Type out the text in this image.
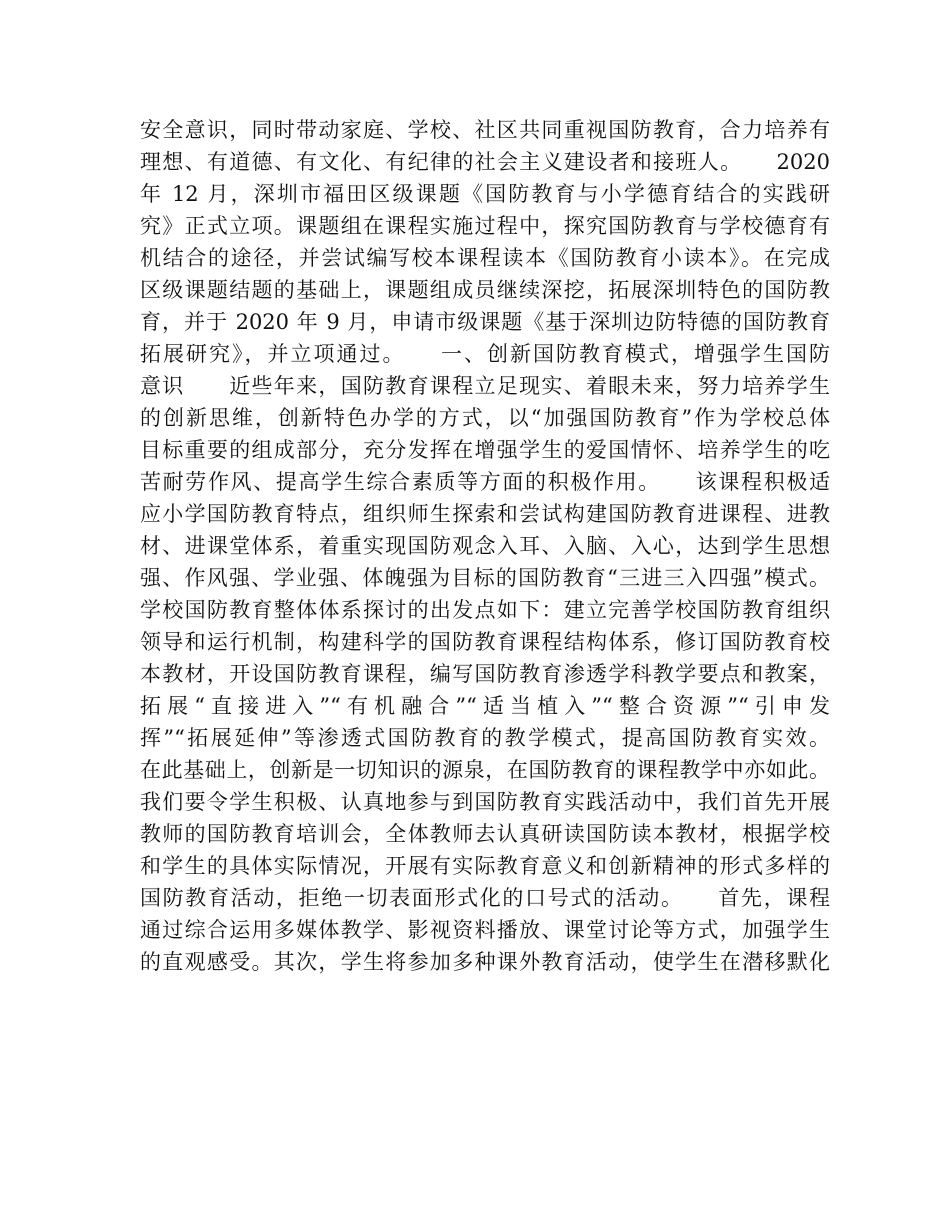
安全意识，同时带动家庭、学校、社区共同重视国防教育，合力培养有
理想、有道德、有文化、有纪律的社会主义建设者和接班人。　　2020
年 12 月，深圳市福田区级课题《国防教育与小学德育结合的实践研
究》正式立项。课题组在课程实施过程中，探究国防教育与学校德育有
机结合的途径，并尝试编写校本课程读本《国防教育小读本》。在完成
区级课题结题的基础上，课题组成员继续深挖，拓展深圳特色的国防教
育，并于 2020 年 9 月，申请市级课题《基于深圳边防特德的国防教育
拓展研究》，并立项通过。　　一、创新国防教育模式，增强学生国防
意识　　近些年来，国防教育课程立足现实、着眼未来，努力培养学生
的创新思维，创新特色办学的方式，以“加强国防教育”作为学校总体
目标重要的组成部分，充分发挥在增强学生的爱国情怀、培养学生的吃
苦耐劳作风、提高学生综合素质等方面的积极作用。　　该课程积极适
应小学国防教育特点，组织师生探索和尝试构建国防教育进课程、进教
材、进课堂体系，着重实现国防观念入耳、入脑、入心，达到学生思想
强、作风强、学业强、体魄强为目标的国防教育“三进三入四强”模式。
学校国防教育整体体系探讨的出发点如下：建立完善学校国防教育组织
领导和运行机制，构建科学的国防教育课程结构体系，修订国防教育校
本教材，开设国防教育课程，编写国防教育渗透学科教学要点和教案，
拓展“直接进入”“有机融合”“适当植入”“整合资源”“引申发
挥”“拓展延伸”等渗透式国防教育的教学模式，提高国防教育实效。
在此基础上，创新是一切知识的源泉，在国防教育的课程教学中亦如此。
我们要令学生积极、认真地参与到国防教育实践活动中，我们首先开展
教师的国防教育培训会，全体教师去认真研读国防读本教材，根据学校
和学生的具体实际情况，开展有实际教育意义和创新精神的形式多样的
国防教育活动，拒绝一切表面形式化的口号式的活动。　　首先，课程
通过综合运用多媒体教学、影视资料播放、课堂讨论等方式，加强学生
的直观感受。其次，学生将参加多种课外教育活动，使学生在潜移默化
